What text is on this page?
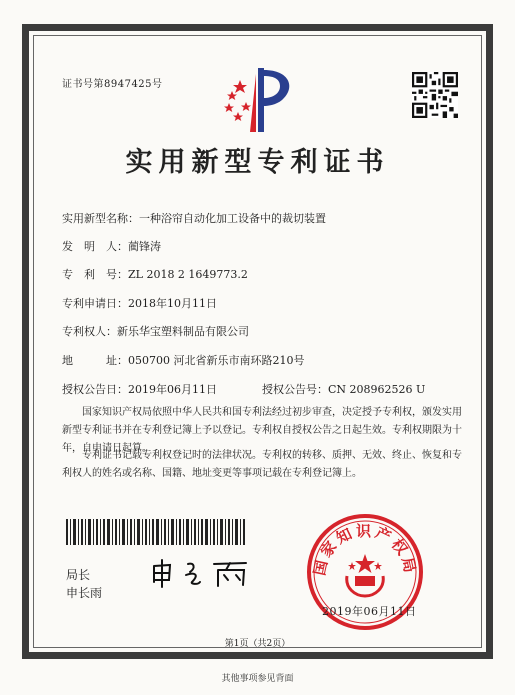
证书号第8947425号
实用新型专利证书
实用新型名称：一种浴帘自动化加工设备中的裁切装置
发　明　人：蔺锋涛
专　利　号：ZL 2018 2 1649773.2
专利申请日：2018年10月11日
专利权人：新乐华宝塑料制品有限公司
地　　　址：050700 河北省新乐市南环路210号
授权公告日：2019年06月11日	授权公告号：CN 208962526 U
国家知识产权局依照中华人民共和国专利法经过初步审查，决定授予专利权，颁发实用新型专利证书并在专利登记簿上予以登记。专利权自授权公告之日起生效。专利权期限为十年，自申请日起算。
专利证书记载专利权登记时的法律状况。专利权的转移、质押、无效、终止、恢复和专利权人的姓名或名称、国籍、地址变更等事项记载在专利登记簿上。
局长
申长雨
国家知识产权局
2019年06月11日
第1页（共2页）
其他事项参见背面
